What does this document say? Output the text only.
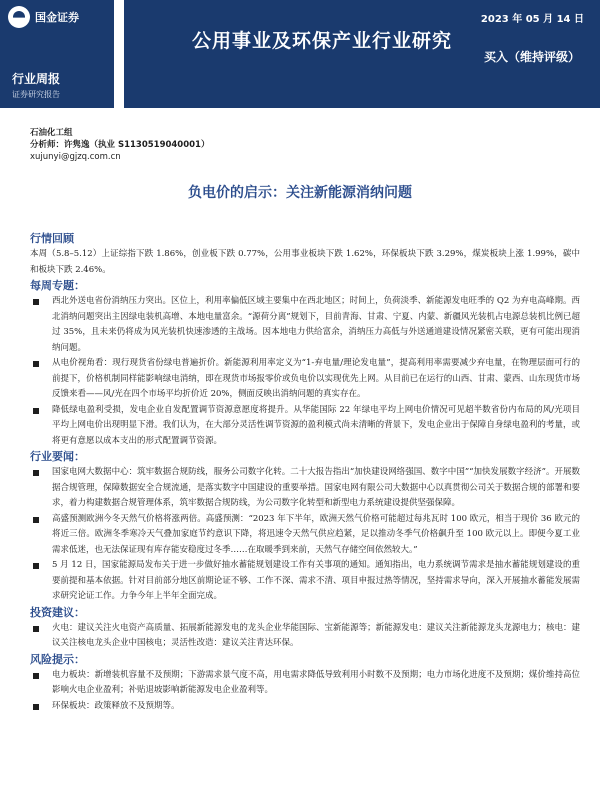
国金证券
行业周报
证券研究报告
2023 年 05 月 14 日
公用事业及环保产业行业研究
买入（维持评级）
石油化工组
分析师：许隽逸（执业 S1130519040001）
xujunyi@gjzq.com.cn
负电价的启示：关注新能源消纳问题
行情回顾

本周（5.8–5.12）上证综指下跌 1.86%，创业板下跌 0.77%，公用事业板块下跌 1.62%，环保板块下跌 3.29%，煤炭板块上涨 1.99%，碳中和板块下跌 2.46%。

每周专题：
西北外送电省份消纳压力突出。区位上，利用率偏低区域主要集中在西北地区；时间上，负荷淡季、新能源发电旺季的 Q2 为弃电高峰期。西北消纳问题突出主因绿电装机高增、本地电量富余。“源荷分离”规划下，目前青海、甘肃、宁夏、内蒙、新疆风光装机占电源总装机比例已超过 35%，且未来仍将成为风光装机快速渗透的主战场。因本地电力供给富余，消纳压力高低与外送通道建设情况紧密关联，更有可能出现消纳问题。
从电价视角看：现行现货省份绿电普遍折价。新能源利用率定义为“1-弃电量/理论发电量”，提高利用率需要减少弃电量，在物理层面可行的前提下，价格机制同样能影响绿电消纳，即在现货市场报零价或负电价以实现优先上网。从目前已在运行的山西、甘肃、蒙西、山东现货市场反馈来看——风/光在四个市场平均折价近 20%，侧面反映出消纳问题的真实存在。
降低绿电盈利受损，发电企业自发配置调节资源意愿度将提升。从华能国际 22 年绿电平均上网电价情况可见超半数省份内布局的风/光项目平均上网电价出现明显下滑。我们认为，在大部分灵活性调节资源的盈利模式尚未清晰的背景下，发电企业出于保障自身绿电盈利的考量，或将更有意愿以成本支出的形式配置调节资源。
行业要闻：
国家电网大数据中心：筑牢数据合规防线，服务公司数字化转。二十大报告指出“加快建设网络强国、数字中国”“加快发展数字经济”。开展数据合规管理，保障数据安全合规流通，是落实数字中国建设的重要举措。国家电网有限公司大数据中心以真贯彻公司关于数据合规的部署和要求，着力构建数据合规管理体系，筑牢数据合规防线，为公司数字化转型和新型电力系统建设提供坚强保障。
高盛预测欧洲今冬天然气价格将涨两倍。高盛预测：“2023 年下半年，欧洲天然气价格可能超过每兆瓦时 100 欧元，相当于现价 36 欧元的将近三倍。欧洲冬季寒冷天气叠加家庭节约意识下降，将迅速令天然气供应趋紧，足以推动冬季气价格飙升至 100 欧元以上。即便今夏工业需求低迷，也无法保证现有库存能安稳度过冬季……在取暖季到来前，天然气存储空间依然较大。”
5 月 12 日，国家能源局发布关于进一步做好抽水蓄能规划建设工作有关事项的通知。通知指出，电力系统调节需求是抽水蓄能规划建设的重要前提和基本依据。针对目前部分地区前期论证不够、工作不深、需求不清、项目申报过热等情况，坚持需求导向，深入开展抽水蓄能发展需求研究论证工作。力争今年上半年全面完成。
投资建议：
火电：建议关注火电资产高质量、拓展新能源发电的龙头企业华能国际、宝新能源等；新能源发电：建议关注新能源龙头龙源电力；核电：建议关注核电龙头企业中国核电；灵活性改造：建议关注青达环保。
风险提示：
电力板块：新增装机容量不及预期；下游需求景气度不高，用电需求降低导致利用小时数不及预期；电力市场化进度不及预期；煤价维持高位影响火电企业盈利；补贴退坡影响新能源发电企业盈利等。
环保板块：政策释放不及预期等。
